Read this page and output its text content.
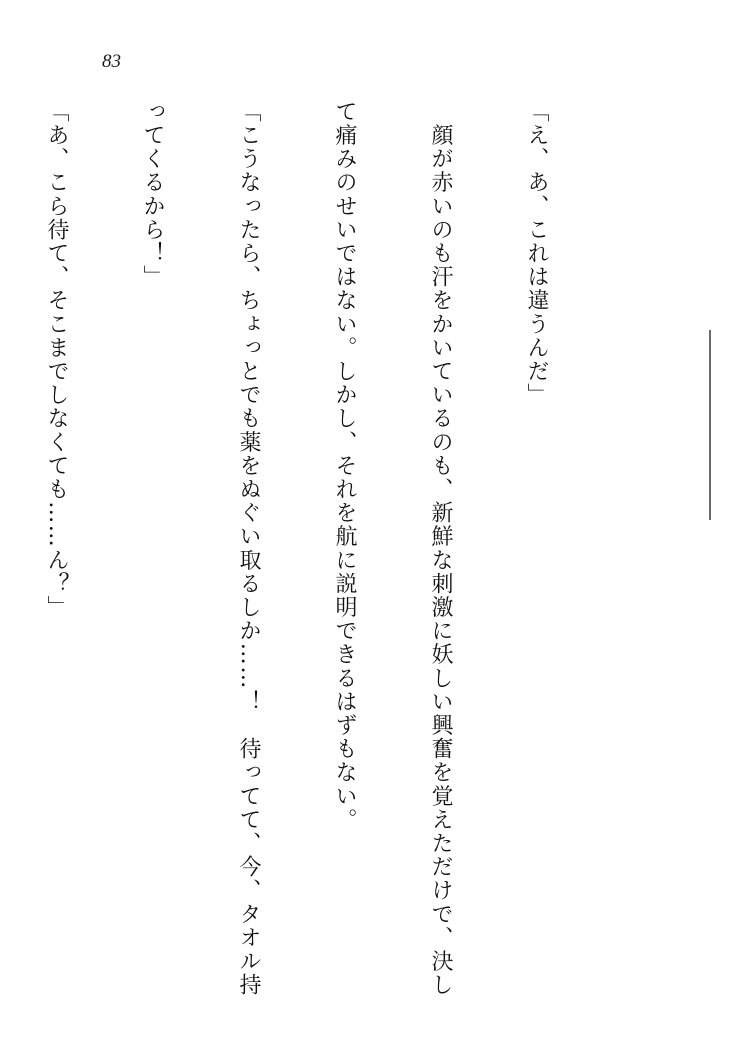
83

「え、あ、これは違うんだ」

　顔が赤いのも汗をかいているのも、新鮮な刺激に妖しい興奮を覚えただけで、決し

て痛みのせいではない。しかし、それを航に説明できるはずもない。

「こうなったら、ちょっとでも薬をぬぐい取るしか……！　待ってて、今、タオル持

ってくるから！」

「あ、こら待て、そこまでしなくても……ん？」
